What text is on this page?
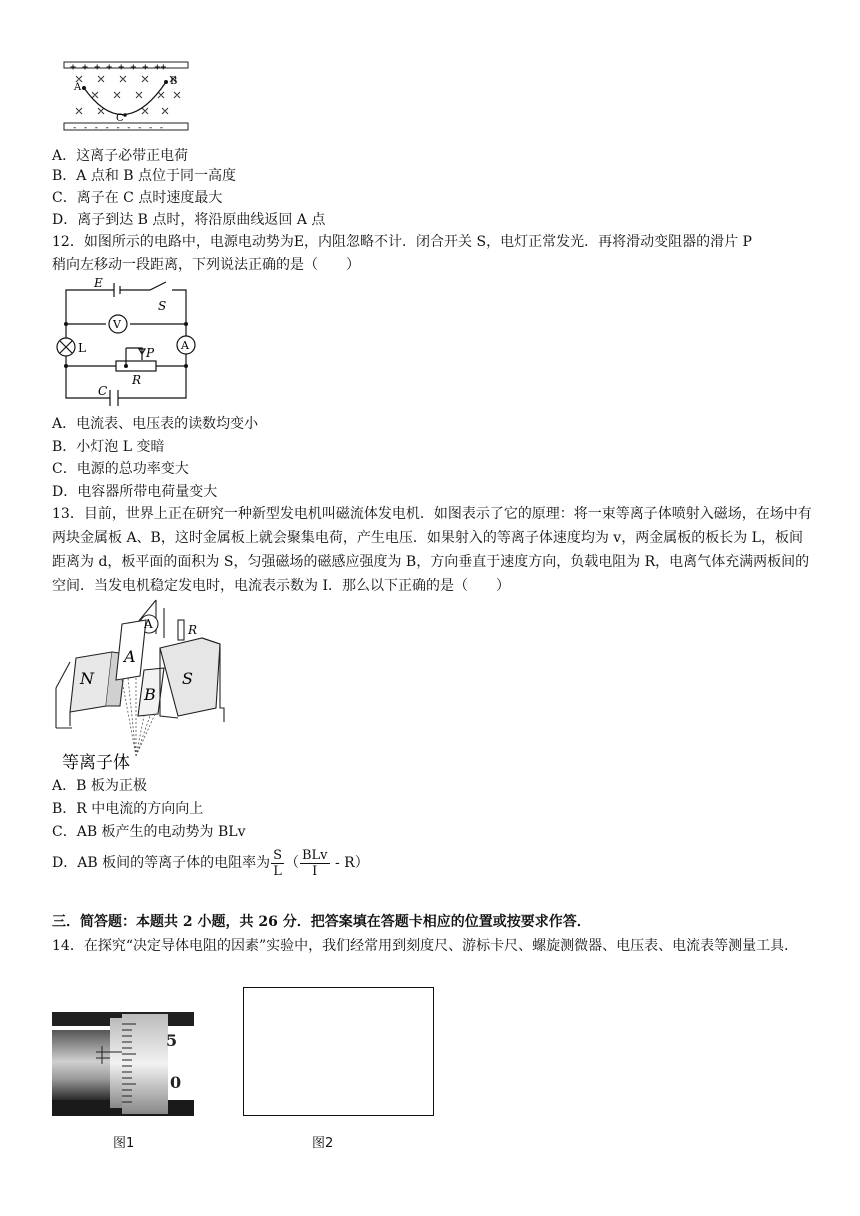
+ + + + + + + ++
A
B
C
- - - - - - - - -
A．这离子必带正电荷
B．A 点和 B 点位于同一高度
C．离子在 C 点时速度最大
D．离子到达 B 点时，将沿原曲线返回 A 点
12．如图所示的电路中，电源电动势为E，内阻忽略不计．闭合开关 S，电灯正常发光．再将滑动变阻器的滑片 P
稍向左移动一段距离，下列说法正确的是（　　）
E
S
V
L	A
P
R
C
A．电流表、电压表的读数均变小
B．小灯泡 L 变暗
C．电源的总功率变大
D．电容器所带电荷量变大
13．目前，世界上正在研究一种新型发电机叫磁流体发电机．如图表示了它的原理：将一束等离子体喷射入磁场，在场中有两块金属板 A、B，这时金属板上就会聚集电荷，产生电压．如果射入的等离子体速度均为 v，两金属板的板长为 L，板间距离为 d，板平面的面积为 S，匀强磁场的磁感应强度为 B，方向垂直于速度方向，负载电阻为 R，电离气体充满两板间的空间．当发电机稳定发电时，电流表示数为 I．那么以下正确的是（　　）
A	R
N
A
B
S
等离子体
A．B 板为正极
B．R 中电流的方向向上
C．AB 板产生的电动势为 BLv
D．AB 板间的等离子体的电阻率为 $\frac{S}{L}$ （ $\frac{\text{BLv}}{I} - R$）
三．简答题：本题共 2 小题，共 26 分．把答案填在答题卡相应的位置或按要求作答．
14．在探究“决定导体电阻的因素”实验中，我们经常用到刻度尺、游标卡尺、螺旋测微器、电压表、电流表等测量工具．
5
0
图1	图2
